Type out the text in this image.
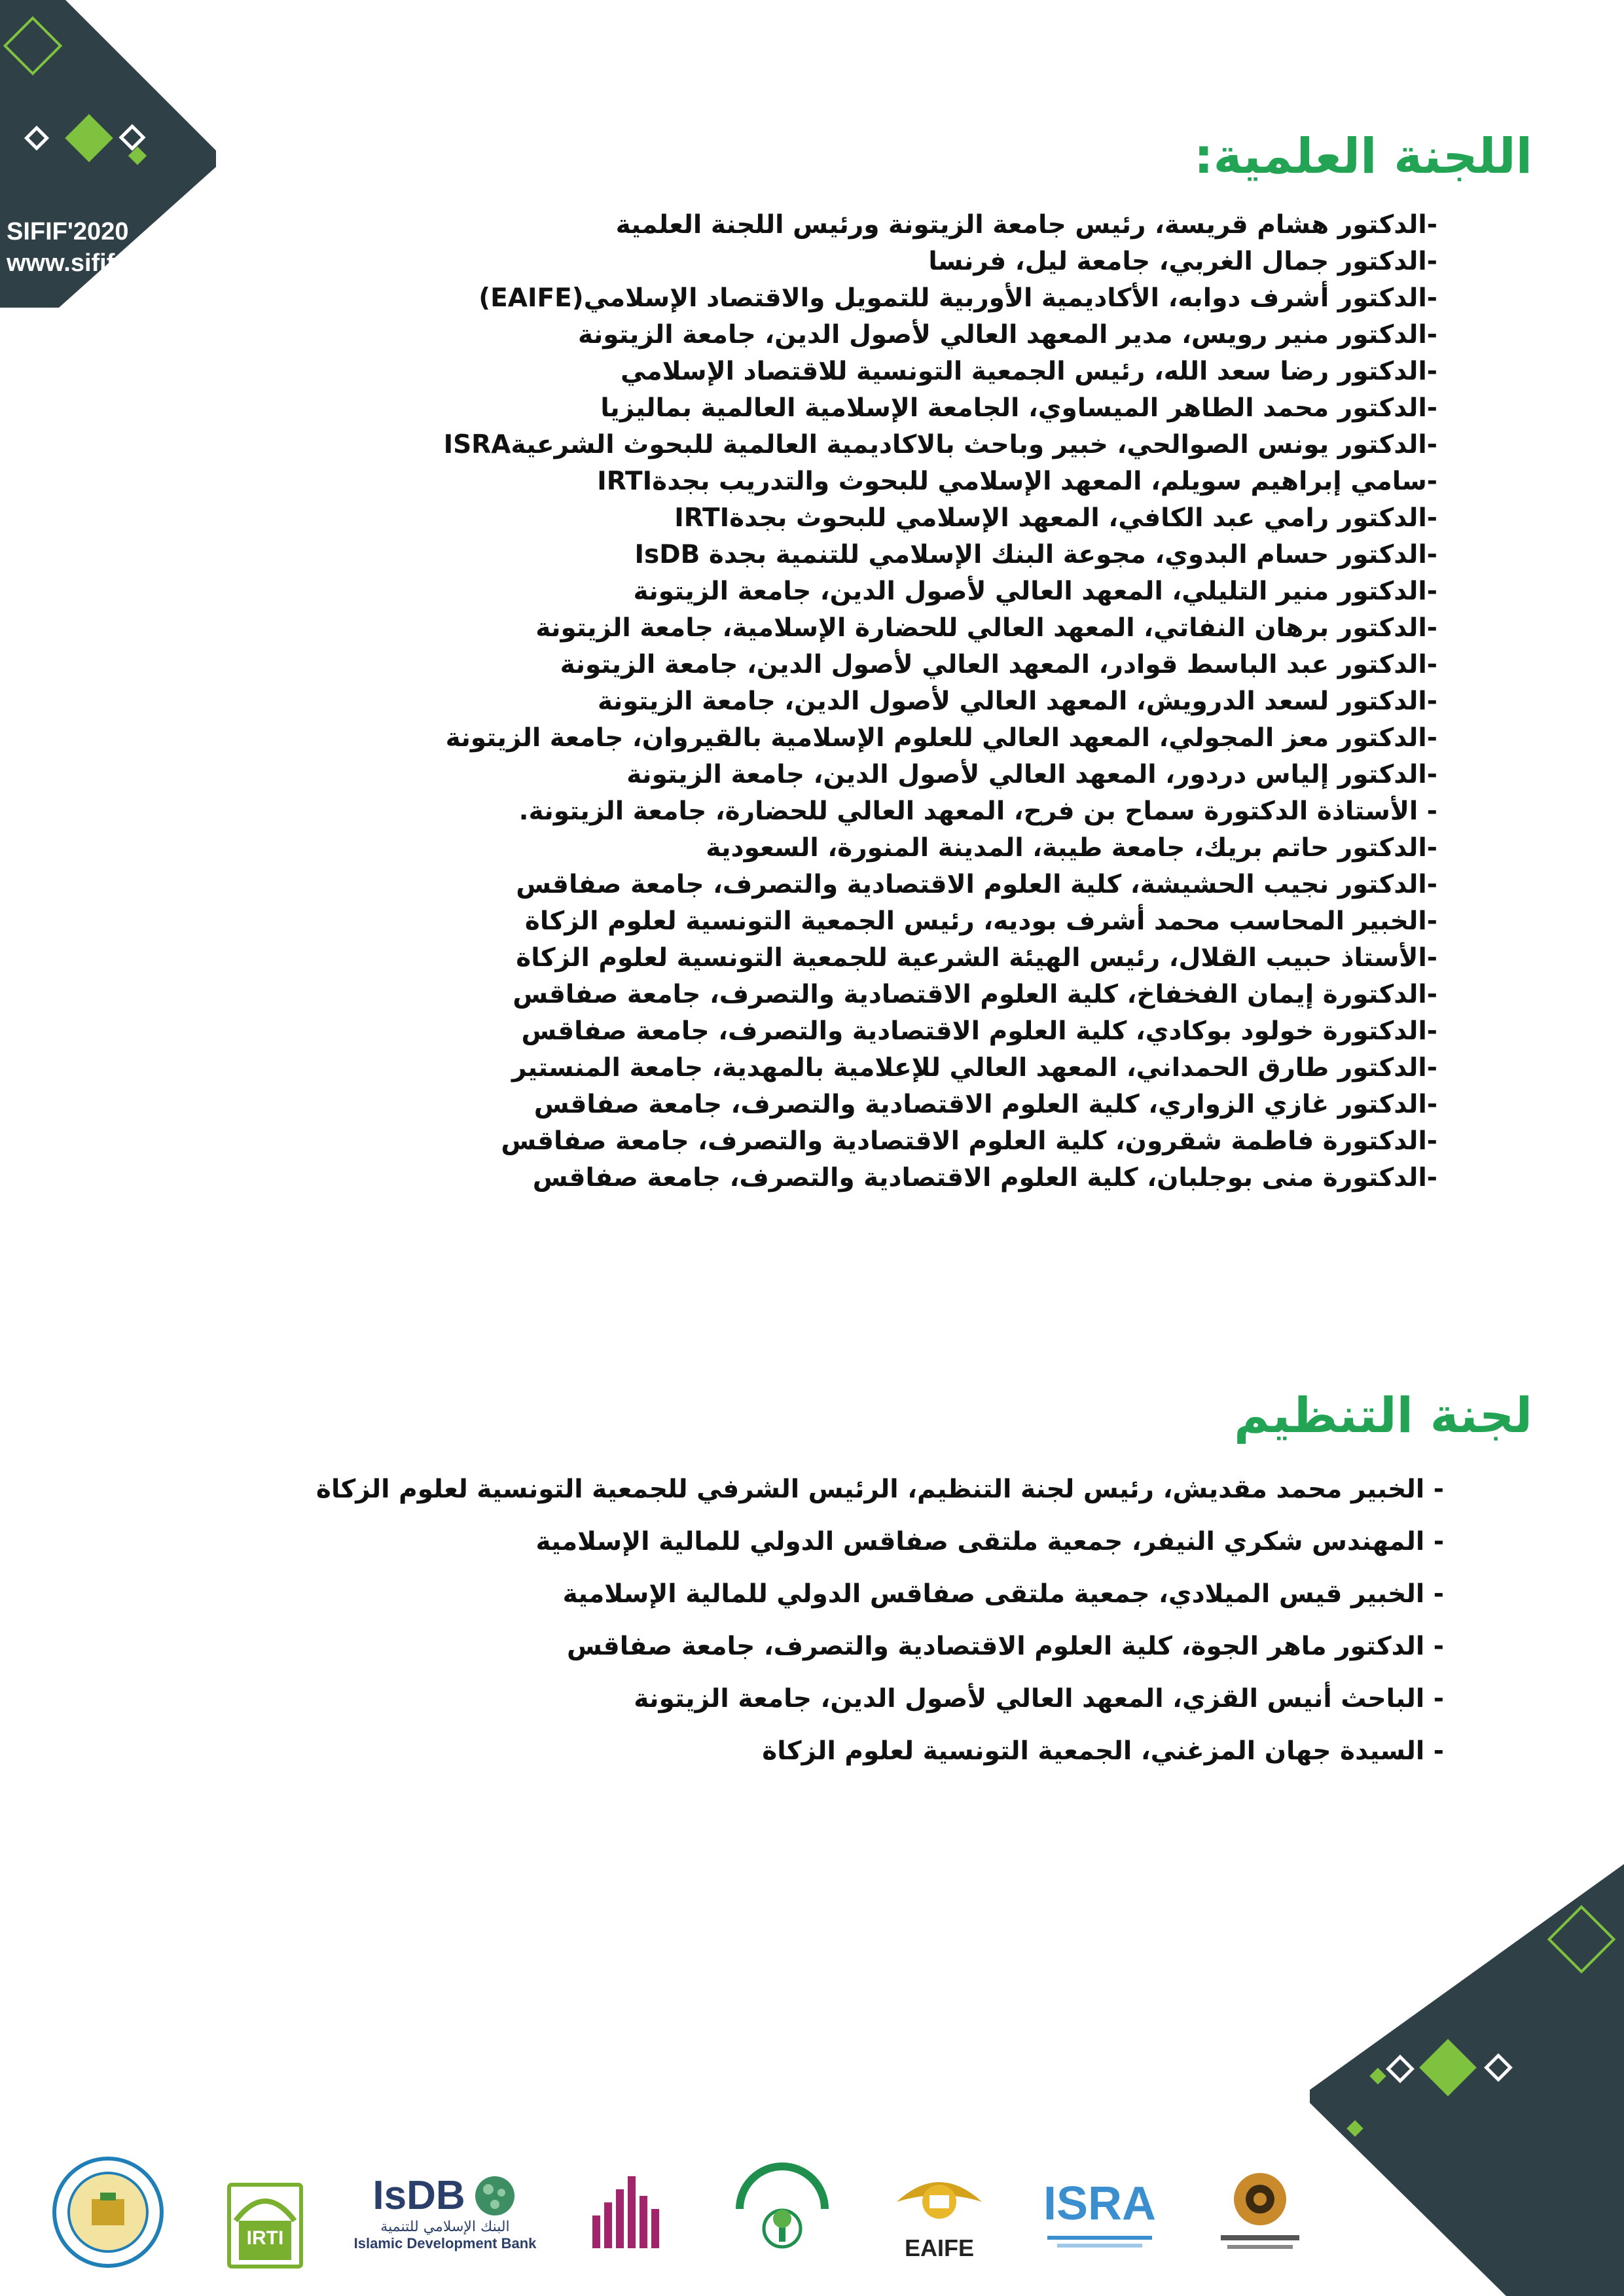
SIFIF'2020
www.sifif.tn
اللجنة العلمية:
-الدكتور هشام قريسة، رئيس جامعة الزيتونة ورئيس اللجنة العلمية
-الدكتور جمال الغربي، جامعة ليل، فرنسا
-الدكتور أشرف دوابه، الأكاديمية الأوربية للتمويل والاقتصاد الإسلامي(EAIFE)
-الدكتور منير رويس، مدير المعهد العالي لأصول الدين، جامعة الزيتونة
-الدكتور رضا سعد الله، رئيس الجمعية التونسية للاقتصاد الإسلامي
-الدكتور محمد الطاهر الميساوي، الجامعة الإسلامية العالمية بماليزيا
-الدكتور يونس الصوالحي، خبير وباحث بالاكاديمية العالمية للبحوث الشرعيةISRA
-سامي إبراهيم سويلم، المعهد الإسلامي للبحوث والتدريب بجدةIRTI
-الدكتور رامي عبد الكافي، المعهد الإسلامي للبحوث بجدةIRTI
-الدكتور حسام البدوي، مجوعة البنك الإسلامي للتنمية بجدة IsDB
-الدكتور منير التليلي، المعهد العالي لأصول الدين، جامعة الزيتونة
-الدكتور برهان النفاتي، المعهد العالي للحضارة الإسلامية، جامعة الزيتونة
-الدكتور عبد الباسط قوادر، المعهد العالي لأصول الدين، جامعة الزيتونة
-الدكتور لسعد الدرويش، المعهد العالي لأصول الدين، جامعة الزيتونة
-الدكتور معز المجولي، المعهد العالي للعلوم الإسلامية بالقيروان، جامعة الزيتونة
-الدكتور إلياس دردور، المعهد العالي لأصول الدين، جامعة الزيتونة
- الأستاذة الدكتورة سماح بن فرح، المعهد العالي للحضارة، جامعة الزيتونة.
-الدكتور حاتم بريك، جامعة طيبة، المدينة المنورة، السعودية
-الدكتور نجيب الحشيشة، كلية العلوم الاقتصادية والتصرف، جامعة صفاقس
-الخبير المحاسب محمد أشرف بوديه، رئيس الجمعية التونسية لعلوم الزكاة
-الأستاذ حبيب القلال، رئيس الهيئة الشرعية للجمعية التونسية لعلوم الزكاة
-الدكتورة إيمان الفخفاخ، كلية العلوم الاقتصادية والتصرف، جامعة صفاقس
-الدكتورة خولود بوكادي، كلية العلوم الاقتصادية والتصرف، جامعة صفاقس
-الدكتور طارق الحمداني، المعهد العالي للإعلامية بالمهدية، جامعة المنستير
-الدكتور غازي الزواري، كلية العلوم الاقتصادية والتصرف، جامعة صفاقس
-الدكتورة فاطمة شقرون، كلية العلوم الاقتصادية والتصرف، جامعة صفاقس
-الدكتورة منى بوجلبان، كلية العلوم الاقتصادية والتصرف، جامعة صفاقس
لجنة التنظيم
- الخبير محمد مقديش، رئيس لجنة التنظيم، الرئيس الشرفي للجمعية التونسية لعلوم الزكاة
- المهندس شكري النيفر، جمعية ملتقى صفاقس الدولي للمالية الإسلامية
- الخبير قيس الميلادي، جمعية ملتقى صفاقس الدولي للمالية الإسلامية
- الدكتور ماهر الجوة، كلية العلوم الاقتصادية والتصرف، جامعة صفاقس
- الباحث أنيس القزي، المعهد العالي لأصول الدين، جامعة الزيتونة
- السيدة جهان المزغني، الجمعية التونسية لعلوم الزكاة
IRTI
IsDB
البنك الإسلامي للتنمية
Islamic Development Bank	EAIFE
ISRA
